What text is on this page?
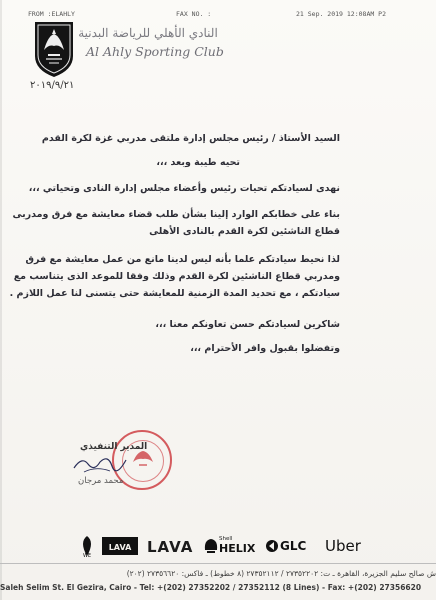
FROM :ELAHLY	FAX NO. :	21 Sep. 2019 12:08AM P2
النادي الأهلي للرياضة البدنية
Al Ahly Sporting Club
٢٠١٩/٩/٢١
السيد الأستاذ / رئيس مجلس إدارة ملتقى مدربي غزة لكرة القدم
تحيه طيبة وبعد ،،،
نهدى لسيادتكم تحيات رئيس وأعضاء مجلس إدارة النادى وتحياتي ،،،
بناء على خطابكم الوارد إلينا بشأن طلب قضاء معايشة مع فرق ومدربى
قطاع الناشئين لكرة القدم بالنادى الأهلى
لذا نحيط سيادتكم علما بأنه ليس لدينا مانع من عمل معايشة مع فرق
ومدربي قطاع الناشئين لكرة القدم وذلك وفقا للموعد الذى يتناسب مع
سيادتكم ، مع تحديد المدة الزمنية للمعايشة حتى يتسنى لنا عمل اللازم .
شاكرين لسيادتكم حسن تعاونكم معنا ،،،
وتفضلوا بقبول وافر الأحترام ،،،
المدير التنفيذي
محمد مرجان
WE
LAVA LAVA	Shell
HELIX GLC Uber
ش صالح سليم الجزيرة، القاهرة ـ ت: ٢٧٣٥٢٢٠٢ / ٢٧٣٥٢١١٢ (٨ خطوط) ـ فاكس: ٢٧٣٥٦٦٢٠ (٢٠٢)
Saleh Selim St. El Gezira, Cairo - Tel: +(202) 27352202 / 27352112 (8 Lines) - Fax: +(202) 27356620
